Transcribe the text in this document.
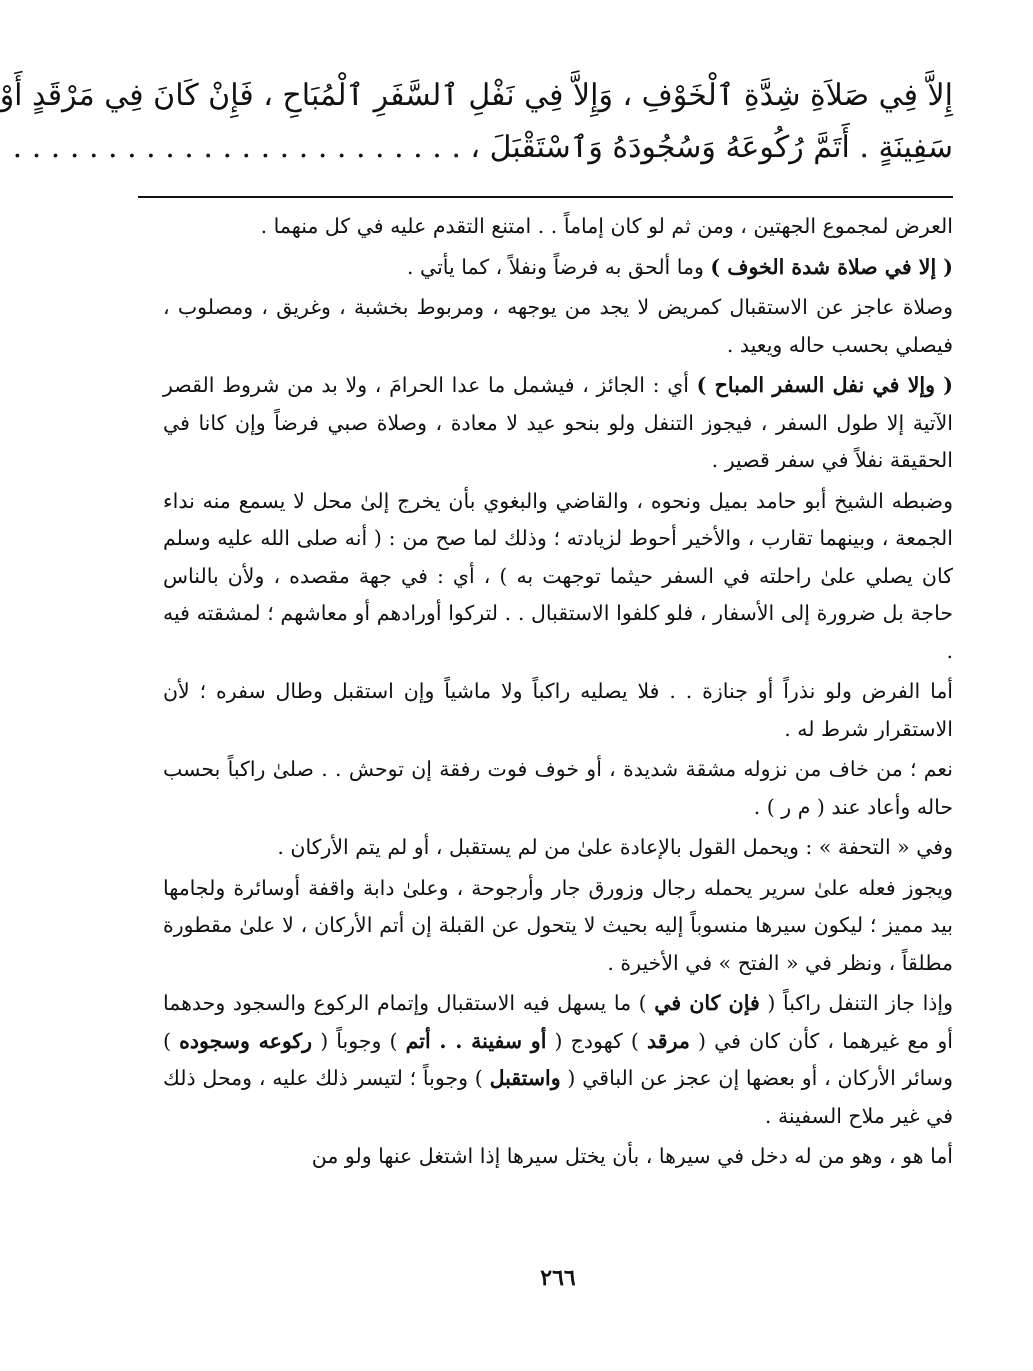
إِلاَّ فِي صَلاَةِ شِدَّةِ ٱلْخَوْفِ ، وَإِلاَّ فِي نَفْلِ ٱلسَّفَرِ ٱلْمُبَاحِ ، فَإِنْ كَانَ فِي مَرْقَدٍ أَوْ
سَفِينَةٍ . أَتَمَّ رُكُوعَهُ وَسُجُودَهُ وَٱسْتَقْبَلَ ، . . . . . . . . . . . . . . . . . . . . . . . .

العرض لمجموع الجهتين ، ومن ثم لو كان إماماً . . امتنع التقدم عليه في كل منهما .

( إلا في صلاة شدة الخوف ) وما ألحق به فرضاً ونفلاً ، كما يأتي .

وصلاة عاجز عن الاستقبال كمريض لا يجد من يوجهه ، ومربوط بخشبة ، وغريق ، ومصلوب ، فيصلي بحسب حاله ويعيد .

( وإلا في نفل السفر المباح ) أي : الجائز ، فيشمل ما عدا الحرامَ ، ولا بد من شروط القصر الآتية إلا طول السفر ، فيجوز التنفل ولو بنحو عيد لا معادة ، وصلاة صبي فرضاً وإن كانا في الحقيقة نفلاً في سفر قصير .

وضبطه الشيخ أبو حامد بميل ونحوه ، والقاضي والبغوي بأن يخرج إلىٰ محل لا يسمع منه نداء الجمعة ، وبينهما تقارب ، والأخير أحوط لزيادته ؛ وذلك لما صح من : ( أنه صلى الله عليه وسلم كان يصلي علىٰ راحلته في السفر حيثما توجهت به ) ، أي : في جهة مقصده ، ولأن بالناس حاجة بل ضرورة إلى الأسفار ، فلو كلفوا الاستقبال . . لتركوا أورادهم أو معاشهم ؛ لمشقته فيه .

أما الفرض ولو نذراً أو جنازة . . فلا يصليه راكباً ولا ماشياً وإن استقبل وطال سفره ؛ لأن الاستقرار شرط له .

نعم ؛ من خاف من نزوله مشقة شديدة ، أو خوف فوت رفقة إن توحش . . صلىٰ راكباً بحسب حاله وأعاد عند ( م ر ) .

وفي « التحفة » : ويحمل القول بالإعادة علىٰ من لم يستقبل ، أو لم يتم الأركان .

ويجوز فعله علىٰ سرير يحمله رجال وزورق جار وأرجوحة ، وعلىٰ دابة واقفة أوسائرة ولجامها بيد مميز ؛ ليكون سيرها منسوباً إليه بحيث لا يتحول عن القبلة إن أتم الأركان ، لا علىٰ مقطورة مطلقاً ، ونظر في « الفتح » في الأخيرة .

وإذا جاز التنفل راكباً ( فإن كان في ) ما يسهل فيه الاستقبال وإتمام الركوع والسجود وحدهما أو مع غيرهما ، كأن كان في ( مرقد ) كهودج ( أو سفينة . . أتم ) وجوباً ( ركوعه وسجوده ) وسائر الأركان ، أو بعضها إن عجز عن الباقي ( واستقبل ) وجوباً ؛ لتيسر ذلك عليه ، ومحل ذلك في غير ملاح السفينة .

أما هو ، وهو من له دخل في سيرها ، بأن يختل سيرها إذا اشتغل عنها ولو من

٢٦٦
